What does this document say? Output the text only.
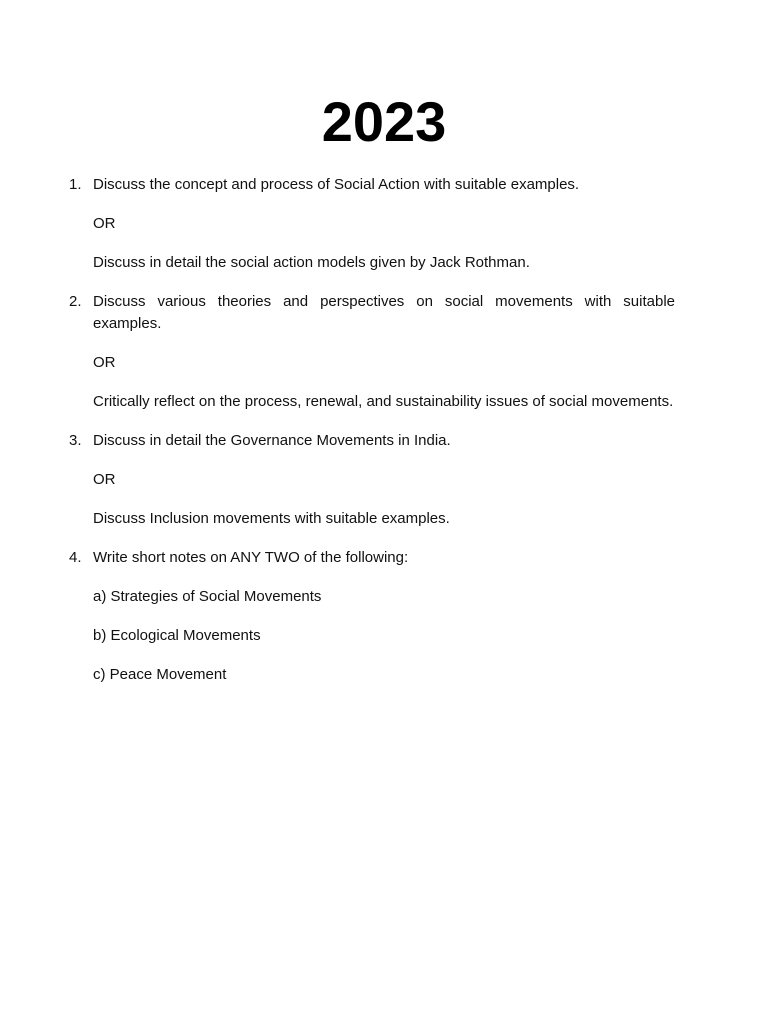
2023
1. Discuss the concept and process of Social Action with suitable examples.

OR

Discuss in detail the social action models given by Jack Rothman.

2. Discuss various theories and perspectives on social movements with suitable examples.

OR

Critically reflect on the process, renewal, and sustainability issues of social movements.

3. Discuss in detail the Governance Movements in India.

OR

Discuss Inclusion movements with suitable examples.

4. Write short notes on ANY TWO of the following:

a) Strategies of Social Movements

b) Ecological Movements

c) Peace Movement
